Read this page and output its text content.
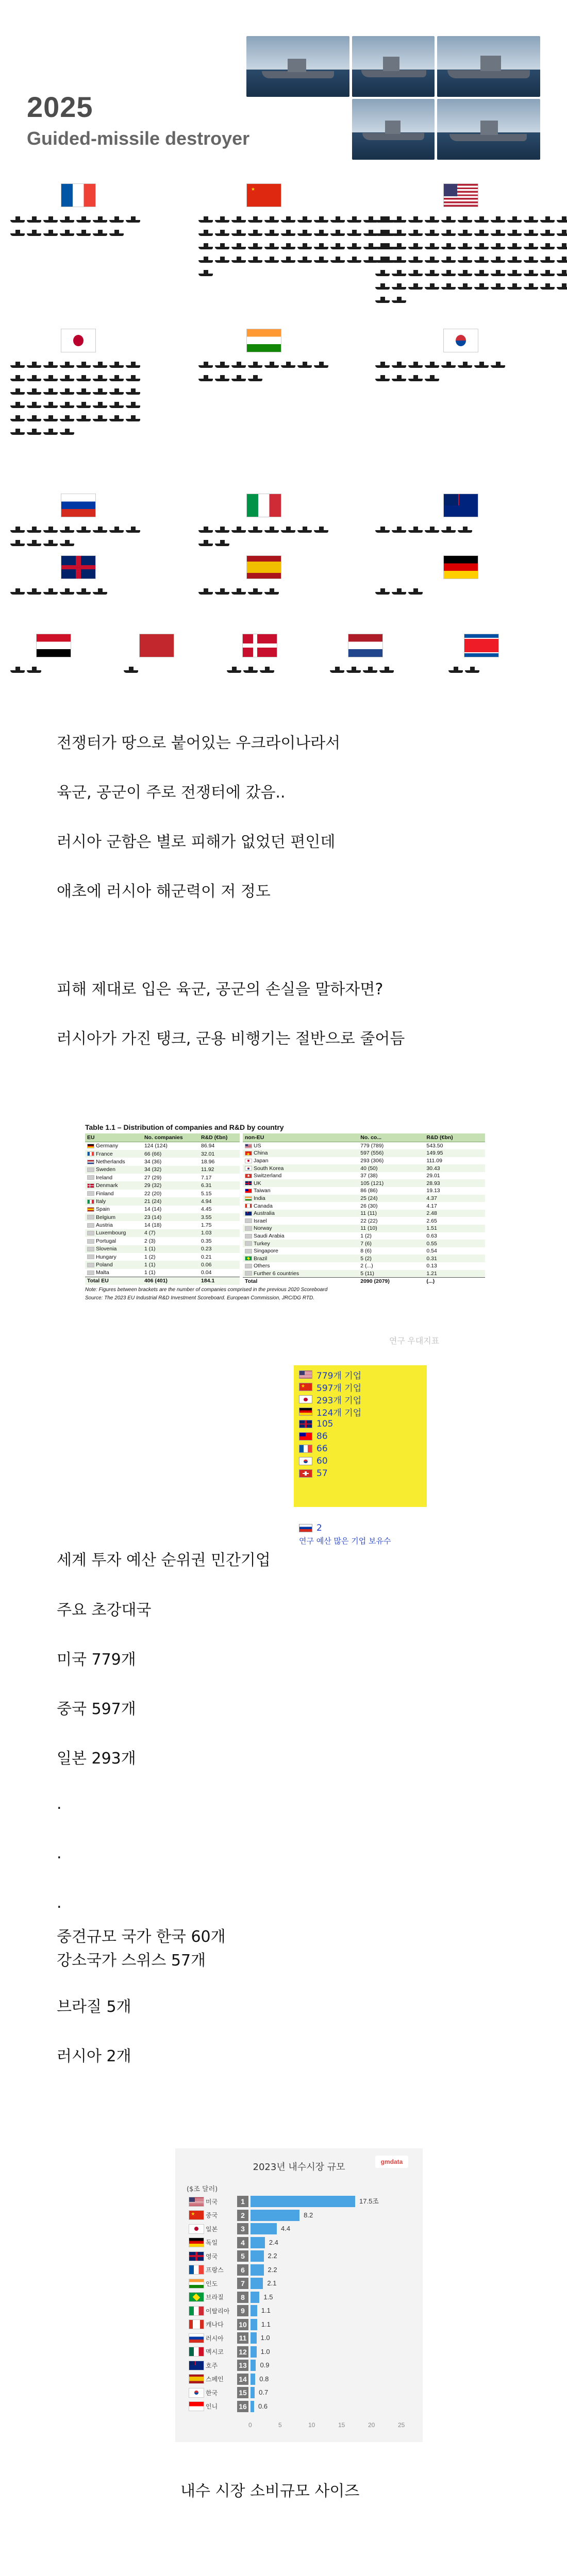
2025
Guided-missile destroyer
★
전쟁터가 땅으로 붙어있는 우크라이나라서
육군, 공군이 주로 전쟁터에 갔음..
러시아 군함은 별로 피해가 없었던 편인데
애초에 러시아 해군력이 저 정도
피해 제대로 입은 육군, 공군의 손실을 말하자면?
러시아가 가진 탱크, 군용 비행기는 절반으로 줄어듬
Table 1.1 – Distribution of companies and R&D by country
EU	No. companies	R&D (€bn)
Germany	124 (124)	86.94
France	66 (66)	32.01
Netherlands	34 (36)	18.96
Sweden	34 (32)	11.92
Ireland	27 (29)	7.17

Denmark	29 (32)	6.31
Finland	22 (20)	5.15
Italy	21 (24)	4.94
Spain	14 (14)	4.45
Belgium	23 (14)	3.55
Austria	14 (18)	1.75
Luxembourg	4 (7)	1.03
Portugal	2 (3)	0.35
Slovenia	1 (1)	0.23
Hungary	1 (2)	0.21
Poland	1 (1)	0.06
Malta	1 (1)	0.04
Total EU	406 (401)	184.1
non-EU	No. co...	R&D (€bn)

US	779 (789)	543.50

★ China	597 (556)	149.95

Japan	293 (306)	111.09

South Korea	40 (50)	30.43

Switzerland	37 (38)	29.01

UK	105 (121)	28.93

Taiwan	86 (86)	19.13
India	25 (24)	4.37
Canada	26 (30)	4.17

Australia	11 (11)	2.48
Israel	22 (22)	2.65
Norway	11 (10)	1.51
Saudi Arabia	1 (2)	0.63
Turkey	7 (6)	0.55
Singapore	8 (6)	0.54

Brazil	5 (2)	0.31
Others	2 (...)	0.13
Further 6 countries	5 (11)	1.21
Total	2090 (2079)	(...)
Note: Figures between brackets are the number of companies comprised in the previous 2020 Scoreboard
Source: The 2023 EU Industrial R&D Investment Scoreboard. European Commission, JRC/DG RTD.
연구 우대지표
779개 기업
★ 597개 기업
293개 기업
124개 기업
105
86
66
60
57
2
연구 예산 많은 기업 보유수
세계 투자 예산 순위권 민간기업
주요 초강대국
미국 779개
중국 597개
일본 293개
.
.
.
중견규모 국가 한국 60개
강소국가 스위스 57개
브라질 5개
러시아 2개
2023년 내수시장 규모	gmdata
($조 달러)
미국	1	17.5조
★ 중국	2	8.2
일본	3	4.4
독일	4	2.4
영국	5	2.2
프랑스	6	2.2
인도	7	2.1
브라질	8	1.5
이탈리아	9	1.1
캐나다	10 1.1
러시아	11 1.0
멕시코	12 1.0
호주	13 0.9
스페인	14 0.8
한국	15 0.7
인니	16 0.6
0	5	10	15	20	25
내수 시장 소비규모 사이즈
